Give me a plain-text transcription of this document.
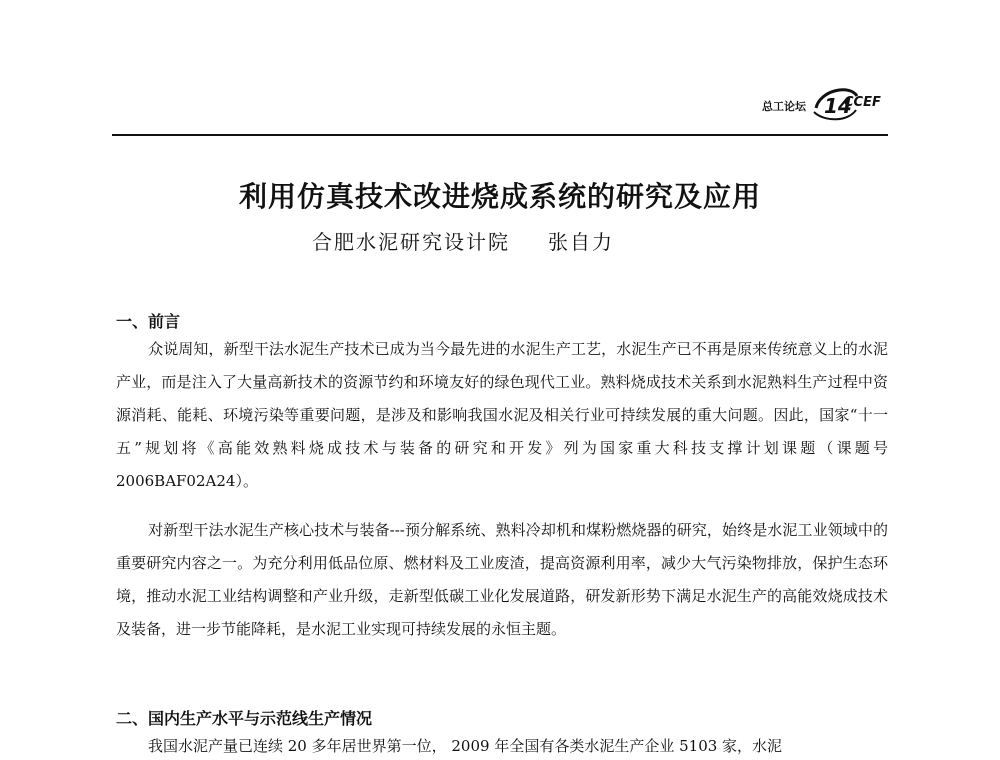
总工论坛 14
CCEF
利用仿真技术改进烧成系统的研究及应用
合肥水泥研究设计院 张自力
一、前言

众说周知，新型干法水泥生产技术已成为当今最先进的水泥生产工艺，水泥生产已不再是原来传统意义上的水泥产业，而是注入了大量高新技术的资源节约和环境友好的绿色现代工业。熟料烧成技术关系到水泥熟料生产过程中资源消耗、能耗、环境污染等重要问题，是涉及和影响我国水泥及相关行业可持续发展的重大问题。因此，国家“十一五”规划将《高能效熟料烧成技术与装备的研究和开发》列为国家重大科技支撑计划课题（课题号 2006BAF02A24）。

对新型干法水泥生产核心技术与装备---预分解系统、熟料冷却机和煤粉燃烧器的研究，始终是水泥工业领域中的重要研究内容之一。为充分利用低品位原、燃材料及工业废渣，提高资源利用率，减少大气污染物排放，保护生态环境，推动水泥工业结构调整和产业升级，走新型低碳工业化发展道路，研发新形势下满足水泥生产的高能效烧成技术及装备，进一步节能降耗，是水泥工业实现可持续发展的永恒主题。

二、国内生产水平与示范线生产情况

我国水泥产量已连续 20 多年居世界第一位， 2009 年全国有各类水泥生产企业 5103 家，水泥
